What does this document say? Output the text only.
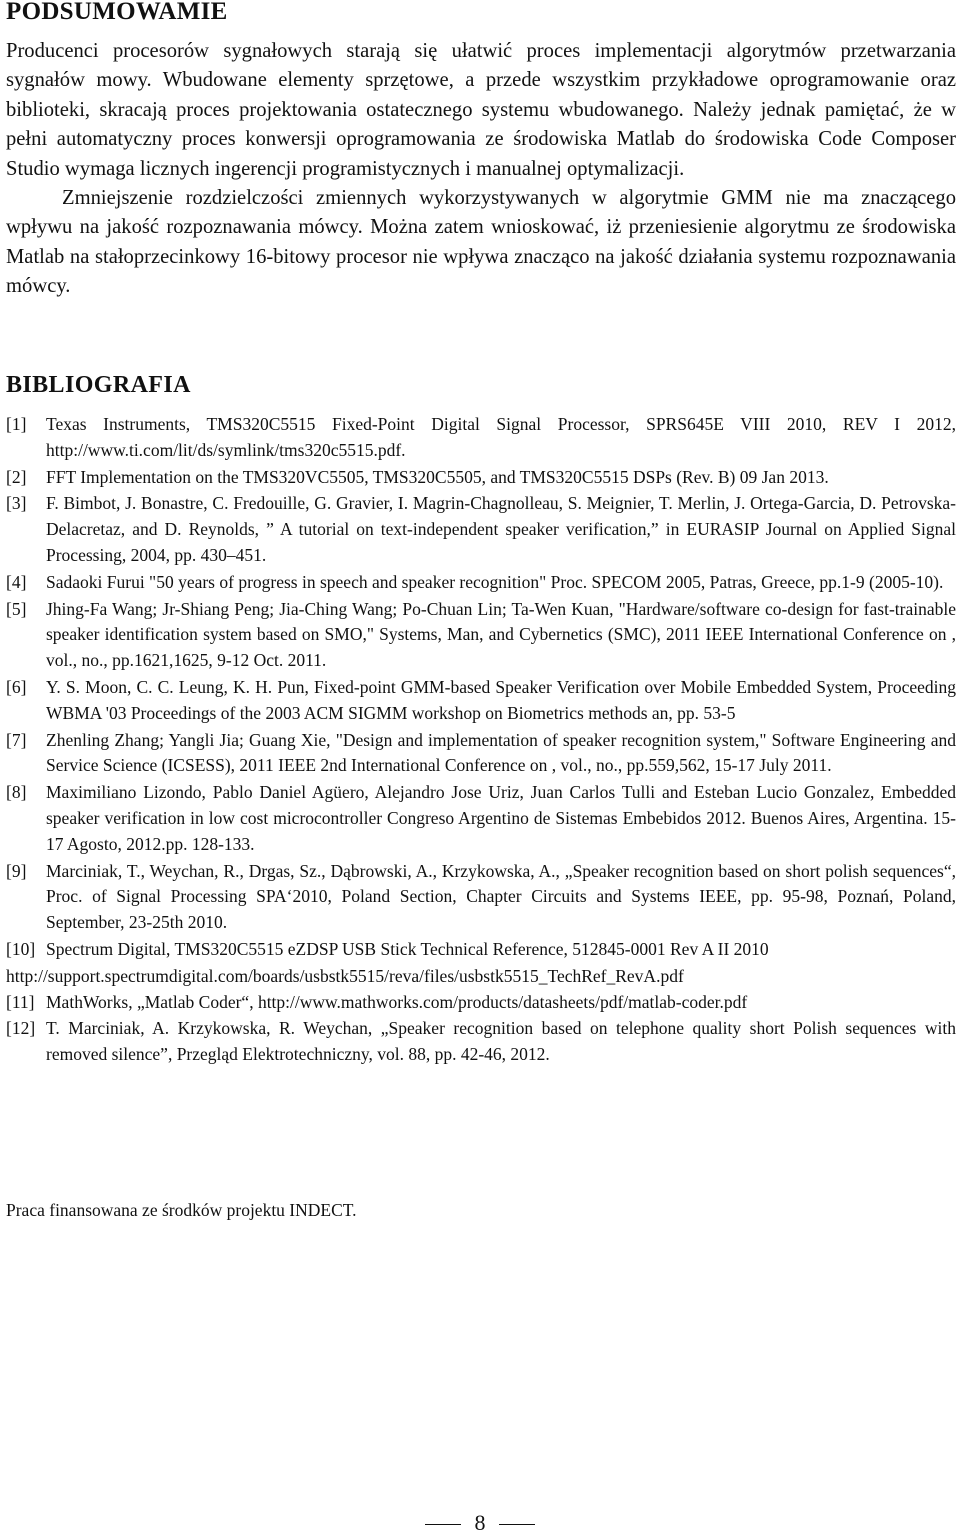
PODSUMOWAMIE

Producenci procesorów sygnałowych starają się ułatwić proces implementacji algorytmów przetwarzania sygnałów mowy. Wbudowane elementy sprzętowe, a przede wszystkim przykładowe oprogramowanie oraz biblioteki, skracają proces projektowania ostatecznego systemu wbudowanego. Należy jednak pamiętać, że w pełni automatyczny proces konwersji oprogramowania ze środowiska Matlab do środowiska Code Composer Studio wymaga licznych ingerencji programistycznych i manualnej optymalizacji.

Zmniejszenie rozdzielczości zmiennych wykorzystywanych w algorytmie GMM nie ma znaczącego wpływu na jakość rozpoznawania mówcy. Można zatem wnioskować, iż przeniesienie algorytmu ze środowiska Matlab na stałoprzecinkowy 16-bitowy procesor nie wpływa znacząco na jakość działania systemu rozpoznawania mówcy.

BIBLIOGRAFIA
[1] Texas Instruments, TMS320C5515 Fixed-Point Digital Signal Processor, SPRS645E VIII 2010, REV I 2012, http://www.ti.com/lit/ds/symlink/tms320c5515.pdf.
[2] FFT Implementation on the TMS320VC5505, TMS320C5505, and TMS320C5515 DSPs (Rev. B) 09 Jan 2013.
[3] F. Bimbot, J. Bonastre, C. Fredouille, G. Gravier, I. Magrin-Chagnolleau, S. Meignier, T. Merlin, J. Ortega-Garcia, D. Petrovska-Delacretaz, and D. Reynolds, ” A tutorial on text-independent speaker verification,” in EURASIP Journal on Applied Signal Processing, 2004, pp. 430–451.
[4] Sadaoki Furui "50 years of progress in speech and speaker recognition" Proc. SPECOM 2005, Patras, Greece, pp.1-9 (2005-10).
[5] Jhing-Fa Wang; Jr-Shiang Peng; Jia-Ching Wang; Po-Chuan Lin; Ta-Wen Kuan, "Hardware/software co-design for fast-trainable speaker identification system based on SMO," Systems, Man, and Cybernetics (SMC), 2011 IEEE International Conference on , vol., no., pp.1621,1625, 9-12 Oct. 2011.
[6] Y. S. Moon, C. C. Leung, K. H. Pun, Fixed-point GMM-based Speaker Verification over Mobile Embedded System, Proceeding WBMA '03 Proceedings of the 2003 ACM SIGMM workshop on Biometrics methods an, pp. 53-5
[7] Zhenling Zhang; Yangli Jia; Guang Xie, "Design and implementation of speaker recognition system," Software Engineering and Service Science (ICSESS), 2011 IEEE 2nd International Conference on , vol., no., pp.559,562, 15-17 July 2011.
[8] Maximiliano Lizondo, Pablo Daniel Agüero, Alejandro Jose Uriz, Juan Carlos Tulli and Esteban Lucio Gonzalez, Embedded speaker verification in low cost microcontroller Congreso Argentino de Sistemas Embebidos 2012. Buenos Aires, Argentina. 15-17 Agosto, 2012.pp. 128-133.
[9] Marciniak, T., Weychan, R., Drgas, Sz., Dąbrowski, A., Krzykowska, A., „Speaker recognition based on short polish sequences“, Proc. of Signal Processing SPA‘2010, Poland Section, Chapter Circuits and Systems IEEE, pp. 95-98, Poznań, Poland, September, 23-25th 2010.
[10] Spectrum Digital, TMS320C5515 eZDSP USB Stick Technical Reference, 512845-0001 Rev A II 2010

http://support.spectrumdigital.com/boards/usbstk5515/reva/files/usbstk5515_TechRef_RevA.pdf

[11] MathWorks, „Matlab Coder“, http://www.mathworks.com/products/datasheets/pdf/matlab-coder.pdf
[12] T. Marciniak, A. Krzykowska, R. Weychan, „Speaker recognition based on telephone quality short Polish sequences with removed silence”, Przegląd Elektrotechniczny, vol. 88, pp. 42-46, 2012.
Praca finansowana ze środków projektu INDECT.
8
